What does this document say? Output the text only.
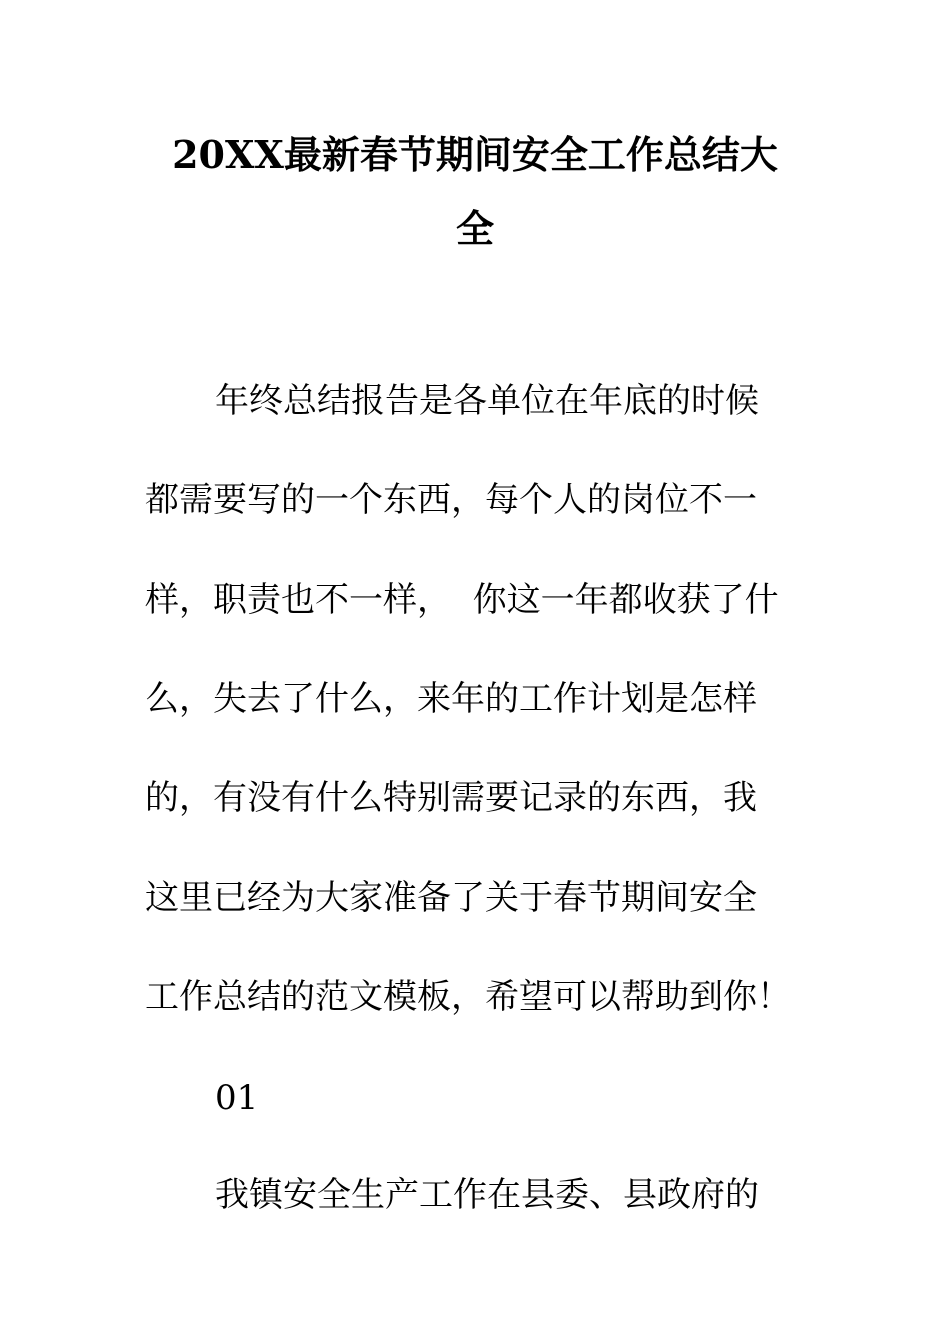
20XX最新春节期间安全工作总结大
全

年终总结报告是各单位在年底的时候

都需要写的一个东西，每个人的岗位不一

样，职责也不一样，  你这一年都收获了什

么，失去了什么，来年的工作计划是怎样

的，有没有什么特别需要记录的东西，我

这里已经为大家准备了关于春节期间安全

工作总结的范文模板，希望可以帮助到你！

01

我镇安全生产工作在县委、县政府的
